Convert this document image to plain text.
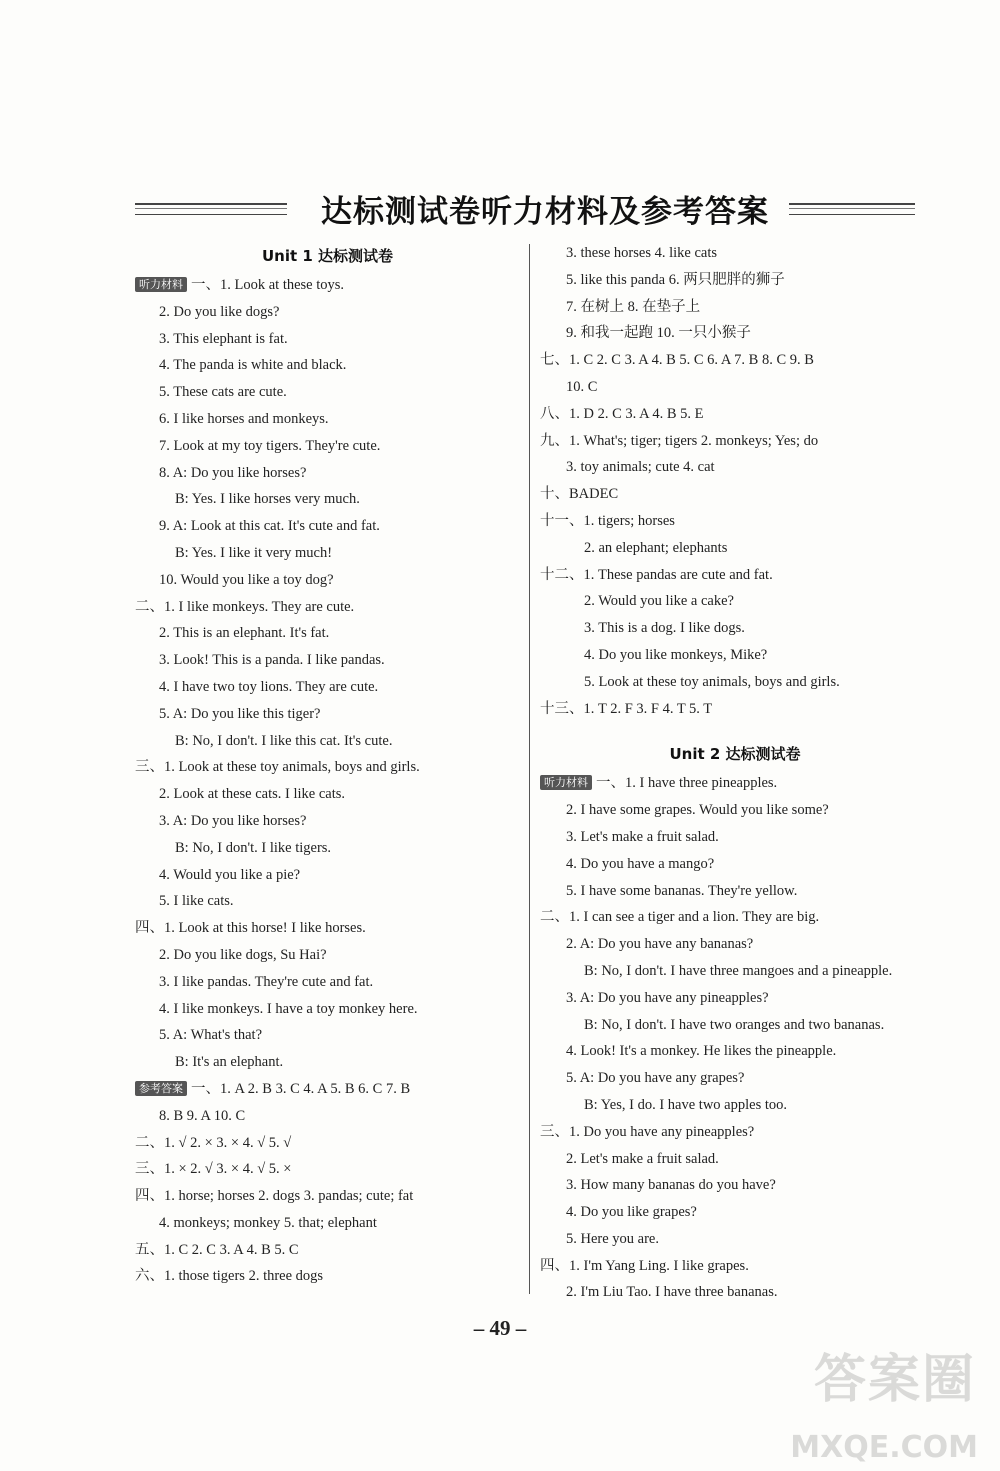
达标测试卷听力材料及参考答案
Unit 1 达标测试卷
听力材料 一、1. Look at these toys.
2. Do you like dogs?
3. This elephant is fat.
4. The panda is white and black.
5. These cats are cute.
6. I like horses and monkeys.
7. Look at my toy tigers. They're cute.
8. A: Do you like horses?
B: Yes. I like horses very much.
9. A: Look at this cat. It's cute and fat.
B: Yes. I like it very much!
10. Would you like a toy dog?
二、1. I like monkeys. They are cute.
2. This is an elephant. It's fat.
3. Look! This is a panda. I like pandas.
4. I have two toy lions. They are cute.
5. A: Do you like this tiger?
B: No, I don't. I like this cat. It's cute.
三、1. Look at these toy animals, boys and girls.
2. Look at these cats. I like cats.
3. A: Do you like horses?
B: No, I don't. I like tigers.
4. Would you like a pie?
5. I like cats.
四、1. Look at this horse! I like horses.
2. Do you like dogs, Su Hai?
3. I like pandas. They're cute and fat.
4. I like monkeys. I have a toy monkey here.
5. A: What's that?
B: It's an elephant.
参考答案 一、1. A 2. B 3. C 4. A 5. B 6. C 7. B
8. B 9. A 10. C
二、1. √ 2. × 3. × 4. √ 5. √
三、1. × 2. √ 3. × 4. √ 5. ×
四、1. horse; horses 2. dogs 3. pandas; cute; fat
4. monkeys; monkey 5. that; elephant
五、1. C 2. C 3. A 4. B 5. C
六、1. those tigers 2. three dogs
3. these horses 4. like cats
5. like this panda 6. 两只肥胖的狮子
7. 在树上 8. 在垫子上
9. 和我一起跑 10. 一只小猴子
七、1. C 2. C 3. A 4. B 5. C 6. A 7. B 8. C 9. B
10. C
八、1. D 2. C 3. A 4. B 5. E
九、1. What's; tiger; tigers 2. monkeys; Yes; do
3. toy animals; cute 4. cat
十、BADEC
十一、1. tigers; horses
2. an elephant; elephants
十二、1. These pandas are cute and fat.
2. Would you like a cake?
3. This is a dog. I like dogs.
4. Do you like monkeys, Mike?
5. Look at these toy animals, boys and girls.
十三、1. T 2. F 3. F 4. T 5. T
Unit 2 达标测试卷
听力材料 一、1. I have three pineapples.
2. I have some grapes. Would you like some?
3. Let's make a fruit salad.
4. Do you have a mango?
5. I have some bananas. They're yellow.
二、1. I can see a tiger and a lion. They are big.
2. A: Do you have any bananas?
B: No, I don't. I have three mangoes and a pineapple.
3. A: Do you have any pineapples?
B: No, I don't. I have two oranges and two bananas.
4. Look! It's a monkey. He likes the pineapple.
5. A: Do you have any grapes?
B: Yes, I do. I have two apples too.
三、1. Do you have any pineapples?
2. Let's make a fruit salad.
3. How many bananas do you have?
4. Do you like grapes?
5. Here you are.
四、1. I'm Yang Ling. I like grapes.
2. I'm Liu Tao. I have three bananas.
– 49 –
答案圈
MXQE.COM
